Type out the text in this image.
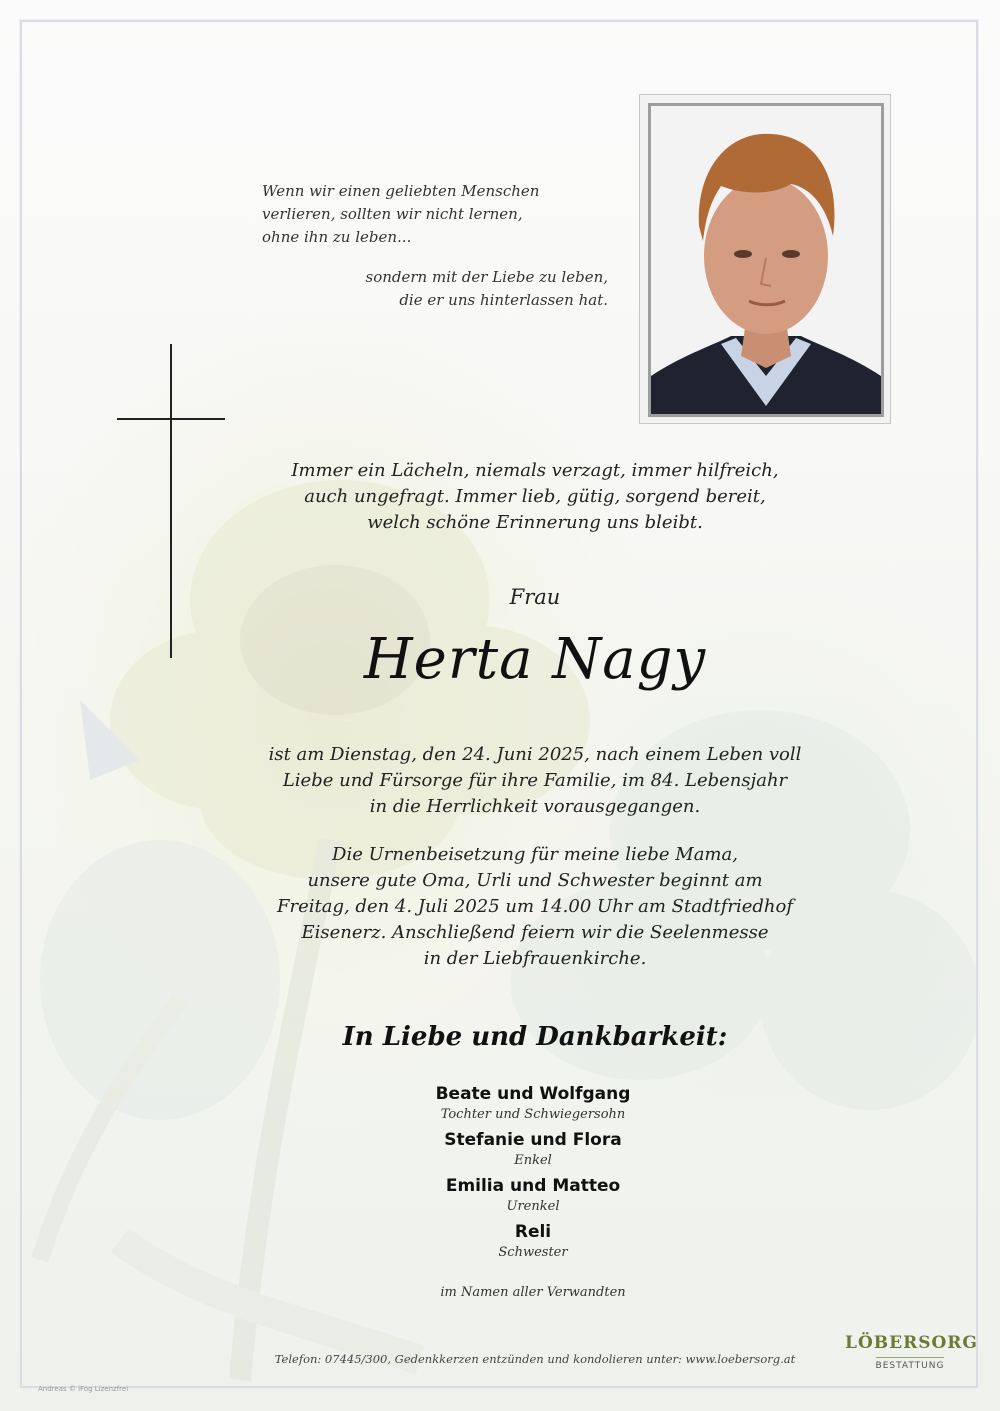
Wenn wir einen geliebten Menschen

verlieren, sollten wir nicht lernen,

ohne ihn zu leben...

sondern mit der Liebe zu leben,

die er uns hinterlassen hat.

Immer ein Lächeln, niemals verzagt, immer hilfreich,

auch ungefragt. Immer lieb, gütig, sorgend bereit,

welch schöne Erinnerung uns bleibt.

Frau
Herta Nagy

ist am Dienstag, den 24. Juni 2025, nach einem Leben voll

Liebe und Fürsorge für ihre Familie, im 84. Lebensjahr

in die Herrlichkeit vorausgegangen.

Die Urnenbeisetzung für meine liebe Mama,

unsere gute Oma, Urli und Schwester beginnt am

Freitag, den 4. Juli 2025 um 14.00 Uhr am Stadtfriedhof

Eisenerz. Anschließend feiern wir die Seelenmesse

in der Liebfrauenkirche.

In Liebe und Dankbarkeit:
Beate und Wolfgang
Tochter und Schwiegersohn
Stefanie und Flora
Enkel
Emilia und Matteo
Urenkel
Reli
Schwester
im Namen aller Verwandten
Telefon: 07445/300, Gedenkkerzen entzünden und kondolieren unter: www.loebersorg.at
LÖBERSORG
BESTATTUNG
Andreas © iFog Lizenzfrei
